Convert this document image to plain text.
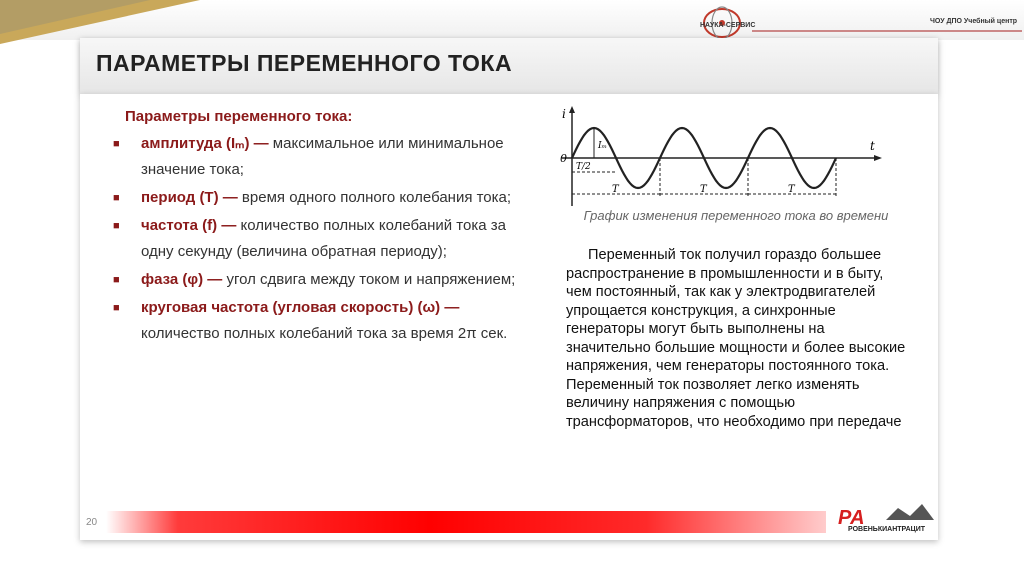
НАУКА-СЕРВИС
ЧОУ ДПО Учебный центр
ПАРАМЕТРЫ ПЕРЕМЕННОГО ТОКА
Параметры переменного тока:
■ амплитуда (Iₘ) — максимальное или минимальное значение тока;
■ период (T) — время одного полного колебания тока;
■ частота (f) — количество полных колебаний тока за одну секунду (величина обратная периоду);
■ фаза (φ) — угол сдвига между током и напряжением;
■ круговая частота (угловая скорость) (ω) — количество полных колебаний тока за время 2π сек.
i
t
0
Iₘ
T/2
T	T	T
График изменения переменного тока во времени

Переменный ток получил гораздо большее распространение в промышленности и в быту, чем постоянный, так как у электродвигателей упрощается конструкция, а синхронные генераторы могут быть выполнены на значительно большие мощности и более высокие напряжения, чем генераторы постоянного тока. Переменный ток позволяет легко изменять величину напряжения с помощью трансформаторов, что необходимо при передаче

20	РА
РОВЕНЬКИАНТРАЦИТ
